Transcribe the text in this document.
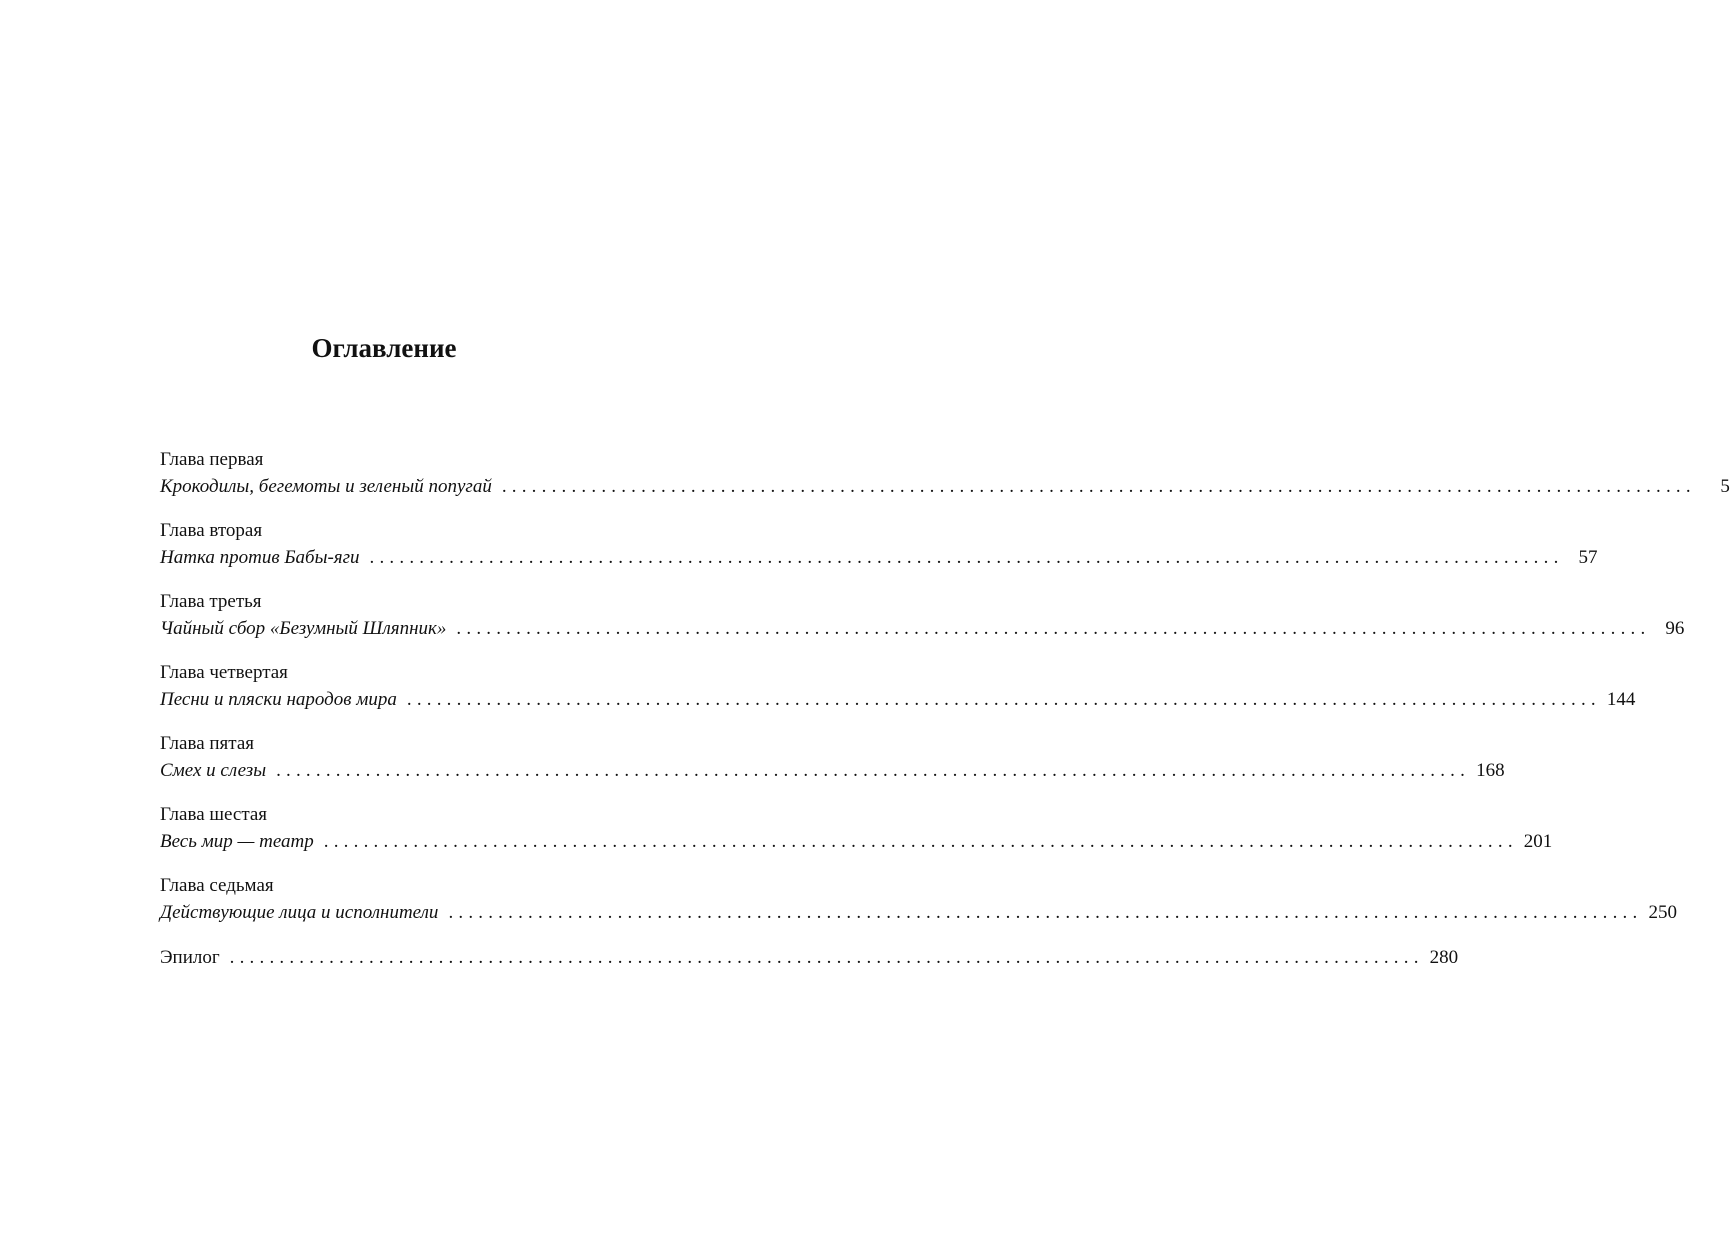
Оглавление
Глава первая
Крокодилы, бегемоты и зеленый попугай ........................................................................................................................	5
Глава вторая
Натка против Бабы-яги ........................................................................................................................ 57
Глава третья
Чайный сбор «Безумный Шляпник» ........................................................................................................................ 96
Глава четвертая
Песни и пляски народов мира ........................................................................................................................ 144
Глава пятая
Смех и слезы ........................................................................................................................ 168
Глава шестая
Весь мир — театр ........................................................................................................................ 201
Глава седьмая
Действующие лица и исполнители ........................................................................................................................ 250
Эпилог ........................................................................................................................ 280
